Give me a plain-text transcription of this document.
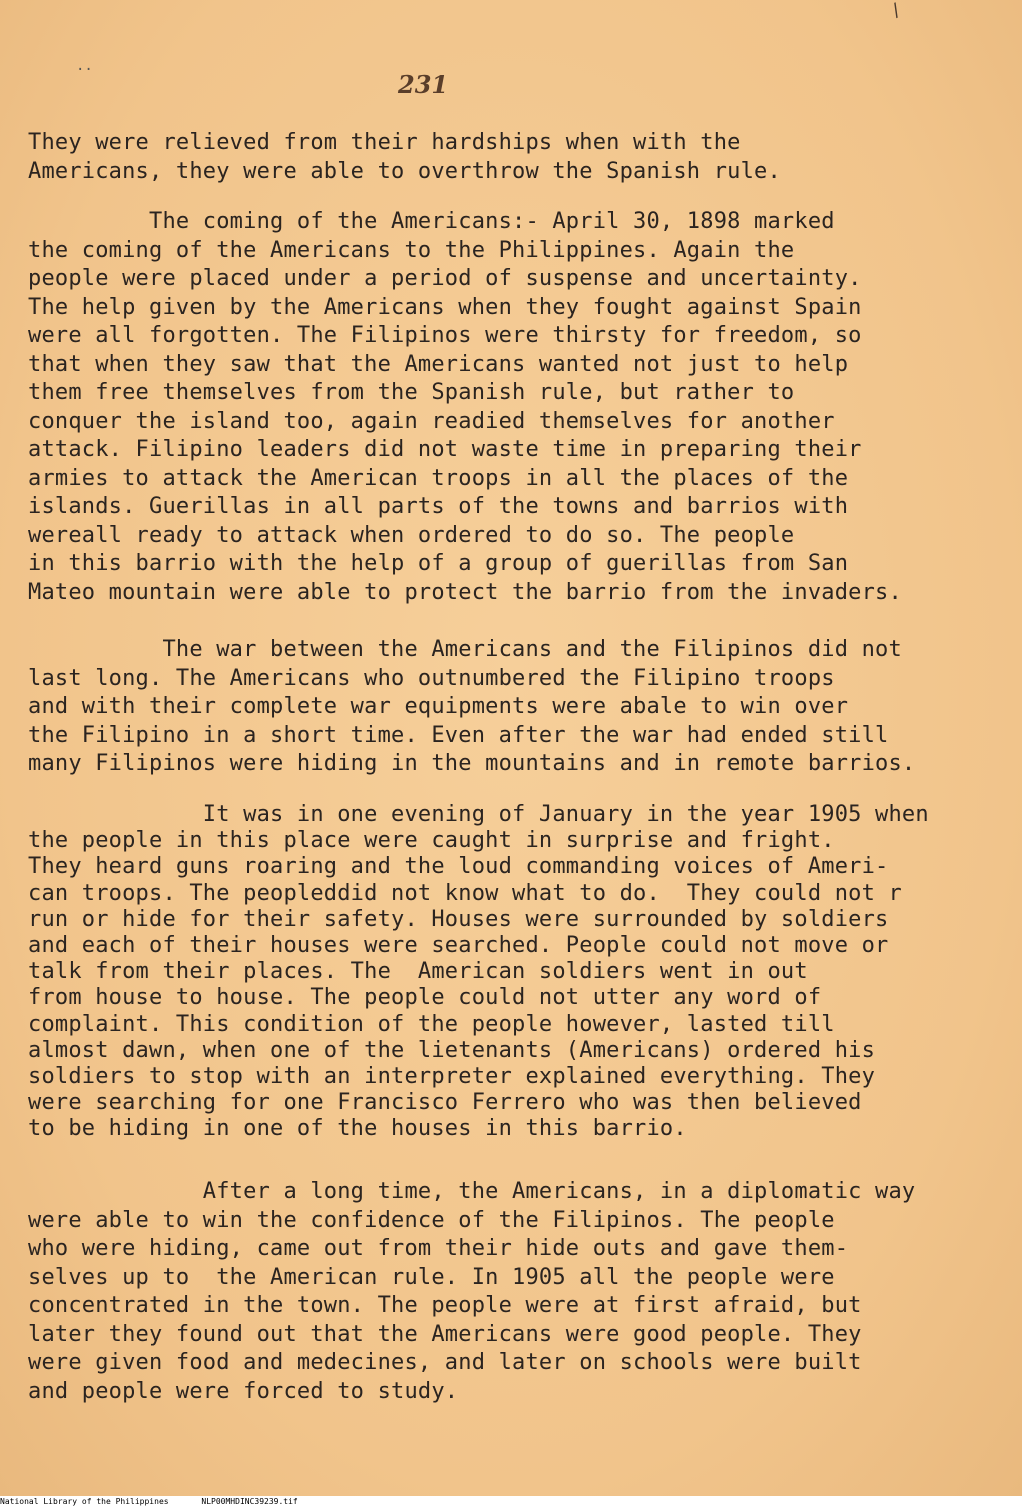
/
··	231

They were relieved from their hardships when with the
Americans, they were able to overthrow the Spanish rule.

The coming of the Americans:- April 30, 1898 marked
the coming of the Americans to the Philippines. Again the
people were placed under a period of suspense and uncertainty.
The help given by the Americans when they fought against Spain
were all forgotten. The Filipinos were thirsty for freedom, so
that when they saw that the Americans wanted not just to help
them free themselves from the Spanish rule, but rather to
conquer the island too, again readied themselves for another
attack. Filipino leaders did not waste time in preparing their
armies to attack the American troops in all the places of the
islands. Guerillas in all parts of the towns and barrios with
wereall ready to attack when ordered to do so. The people
in this barrio with the help of a group of guerillas from San
Mateo mountain were able to protect the barrio from the invaders.

The war between the Americans and the Filipinos did not
last long. The Americans who outnumbered the Filipino troops
and with their complete war equipments were abale to win over
the Filipino in a short time. Even after the war had ended still
many Filipinos were hiding in the mountains and in remote barrios.

It was in one evening of January in the year 1905 when
the people in this place were caught in surprise and fright.
They heard guns roaring and the loud commanding voices of Ameri-
can troops. The peopleddid not know what to do.  They could not r
run or hide for their safety. Houses were surrounded by soldiers
and each of their houses were searched. People could not move or
talk from their places. The  American soldiers went in out
from house to house. The people could not utter any word of
complaint. This condition of the people however, lasted till
almost dawn, when one of the lietenants (Americans) ordered his
soldiers to stop with an interpreter explained everything. They
were searching for one Francisco Ferrero who was then believed
to be hiding in one of the houses in this barrio.

After a long time, the Americans, in a diplomatic way
were able to win the confidence of the Filipinos. The people
who were hiding, came out from their hide outs and gave them-
selves up to  the American rule. In 1905 all the people were
concentrated in the town. The people were at first afraid, but
later they found out that the Americans were good people. They
were given food and medecines, and later on schools were built
and people were forced to study.

National Library of the Philippines	NLP00MHDINC39239.tif
